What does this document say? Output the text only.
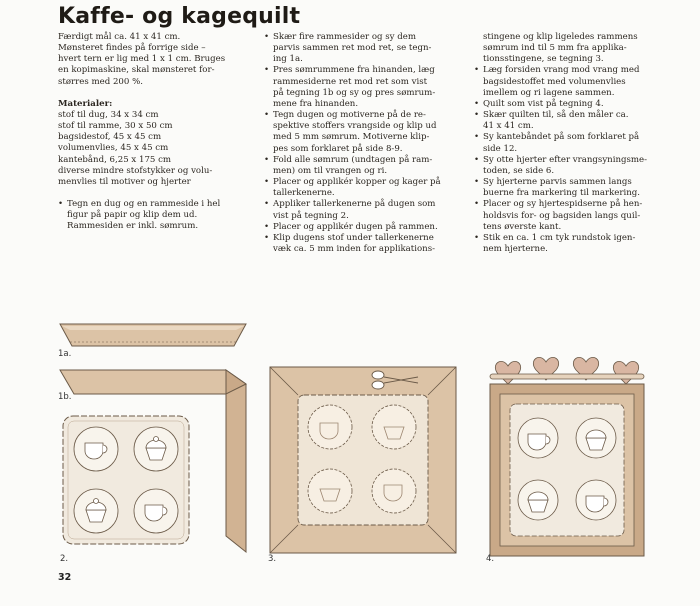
Kaffe- og kagequilt
Færdigt mål ca. 41 x 41 cm.
Mønsteret findes på forrige side –
hvert tern er lig med 1 x 1 cm. Bruges
en kopimaskine, skal mønsteret for-
størres med 200 %.

Materialer:

stof til dug, 34 x 34 cm
stof til ramme, 30 x 50 cm
bagsidestof, 45 x 45 cm
volumenvlies, 45 x 45 cm
kantebånd, 6,25 x 175 cm
diverse mindre stofstykker og volu-
menvlies til motiver og hjerter
• Tegn en dug og en rammeside i hel
figur på papir og klip dem ud.
Rammesiden er inkl. sømrum.
• Skær fire rammesider og sy dem
parvis sammen ret mod ret, se tegn-
ing 1a.
• Pres sømrummene fra hinanden, læg
rammesiderne ret mod ret som vist
på tegning 1b og sy og pres sømrum-
mene fra hinanden.
• Tegn dugen og motiverne på de re-
spektive stoffers vrangside og klip ud
med 5 mm sømrum. Motiverne klip-
pes som forklaret på side 8-9.
• Fold alle sømrum (undtagen på ram-
men) om til vrangen og ri.
• Placer og applikér kopper og kager på
tallerkenerne.
• Appliker tallerkenerne på dugen som
vist på tegning 2.
• Placer og applikér dugen på rammen.
• Klip dugens stof under tallerkenerne
væk ca. 5 mm inden for applikations-
stingene og klip ligeledes rammens
sømrum ind til 5 mm fra applika-
tionsstingene, se tegning 3.
• Læg forsiden vrang mod vrang med
bagsidestoffet med volumenvlies
imellem og ri lagene sammen.
• Quilt som vist på tegning 4.
• Skær quilten til, så den måler ca.
41 x 41 cm.
• Sy kantebåndet på som forklaret på
side 12.
• Sy otte hjerter efter vrangsyningsme-
toden, se side 6.
• Sy hjerterne parvis sammen langs
buerne fra markering til markering.
• Placer og sy hjertespidserne på hen-
holdsvis for- og bagsiden langs quil-
tens øverste kant.
• Stik en ca. 1 cm tyk rundstok igen-
nem hjerterne.
1a.
1b.
2.	3.	4.
32
